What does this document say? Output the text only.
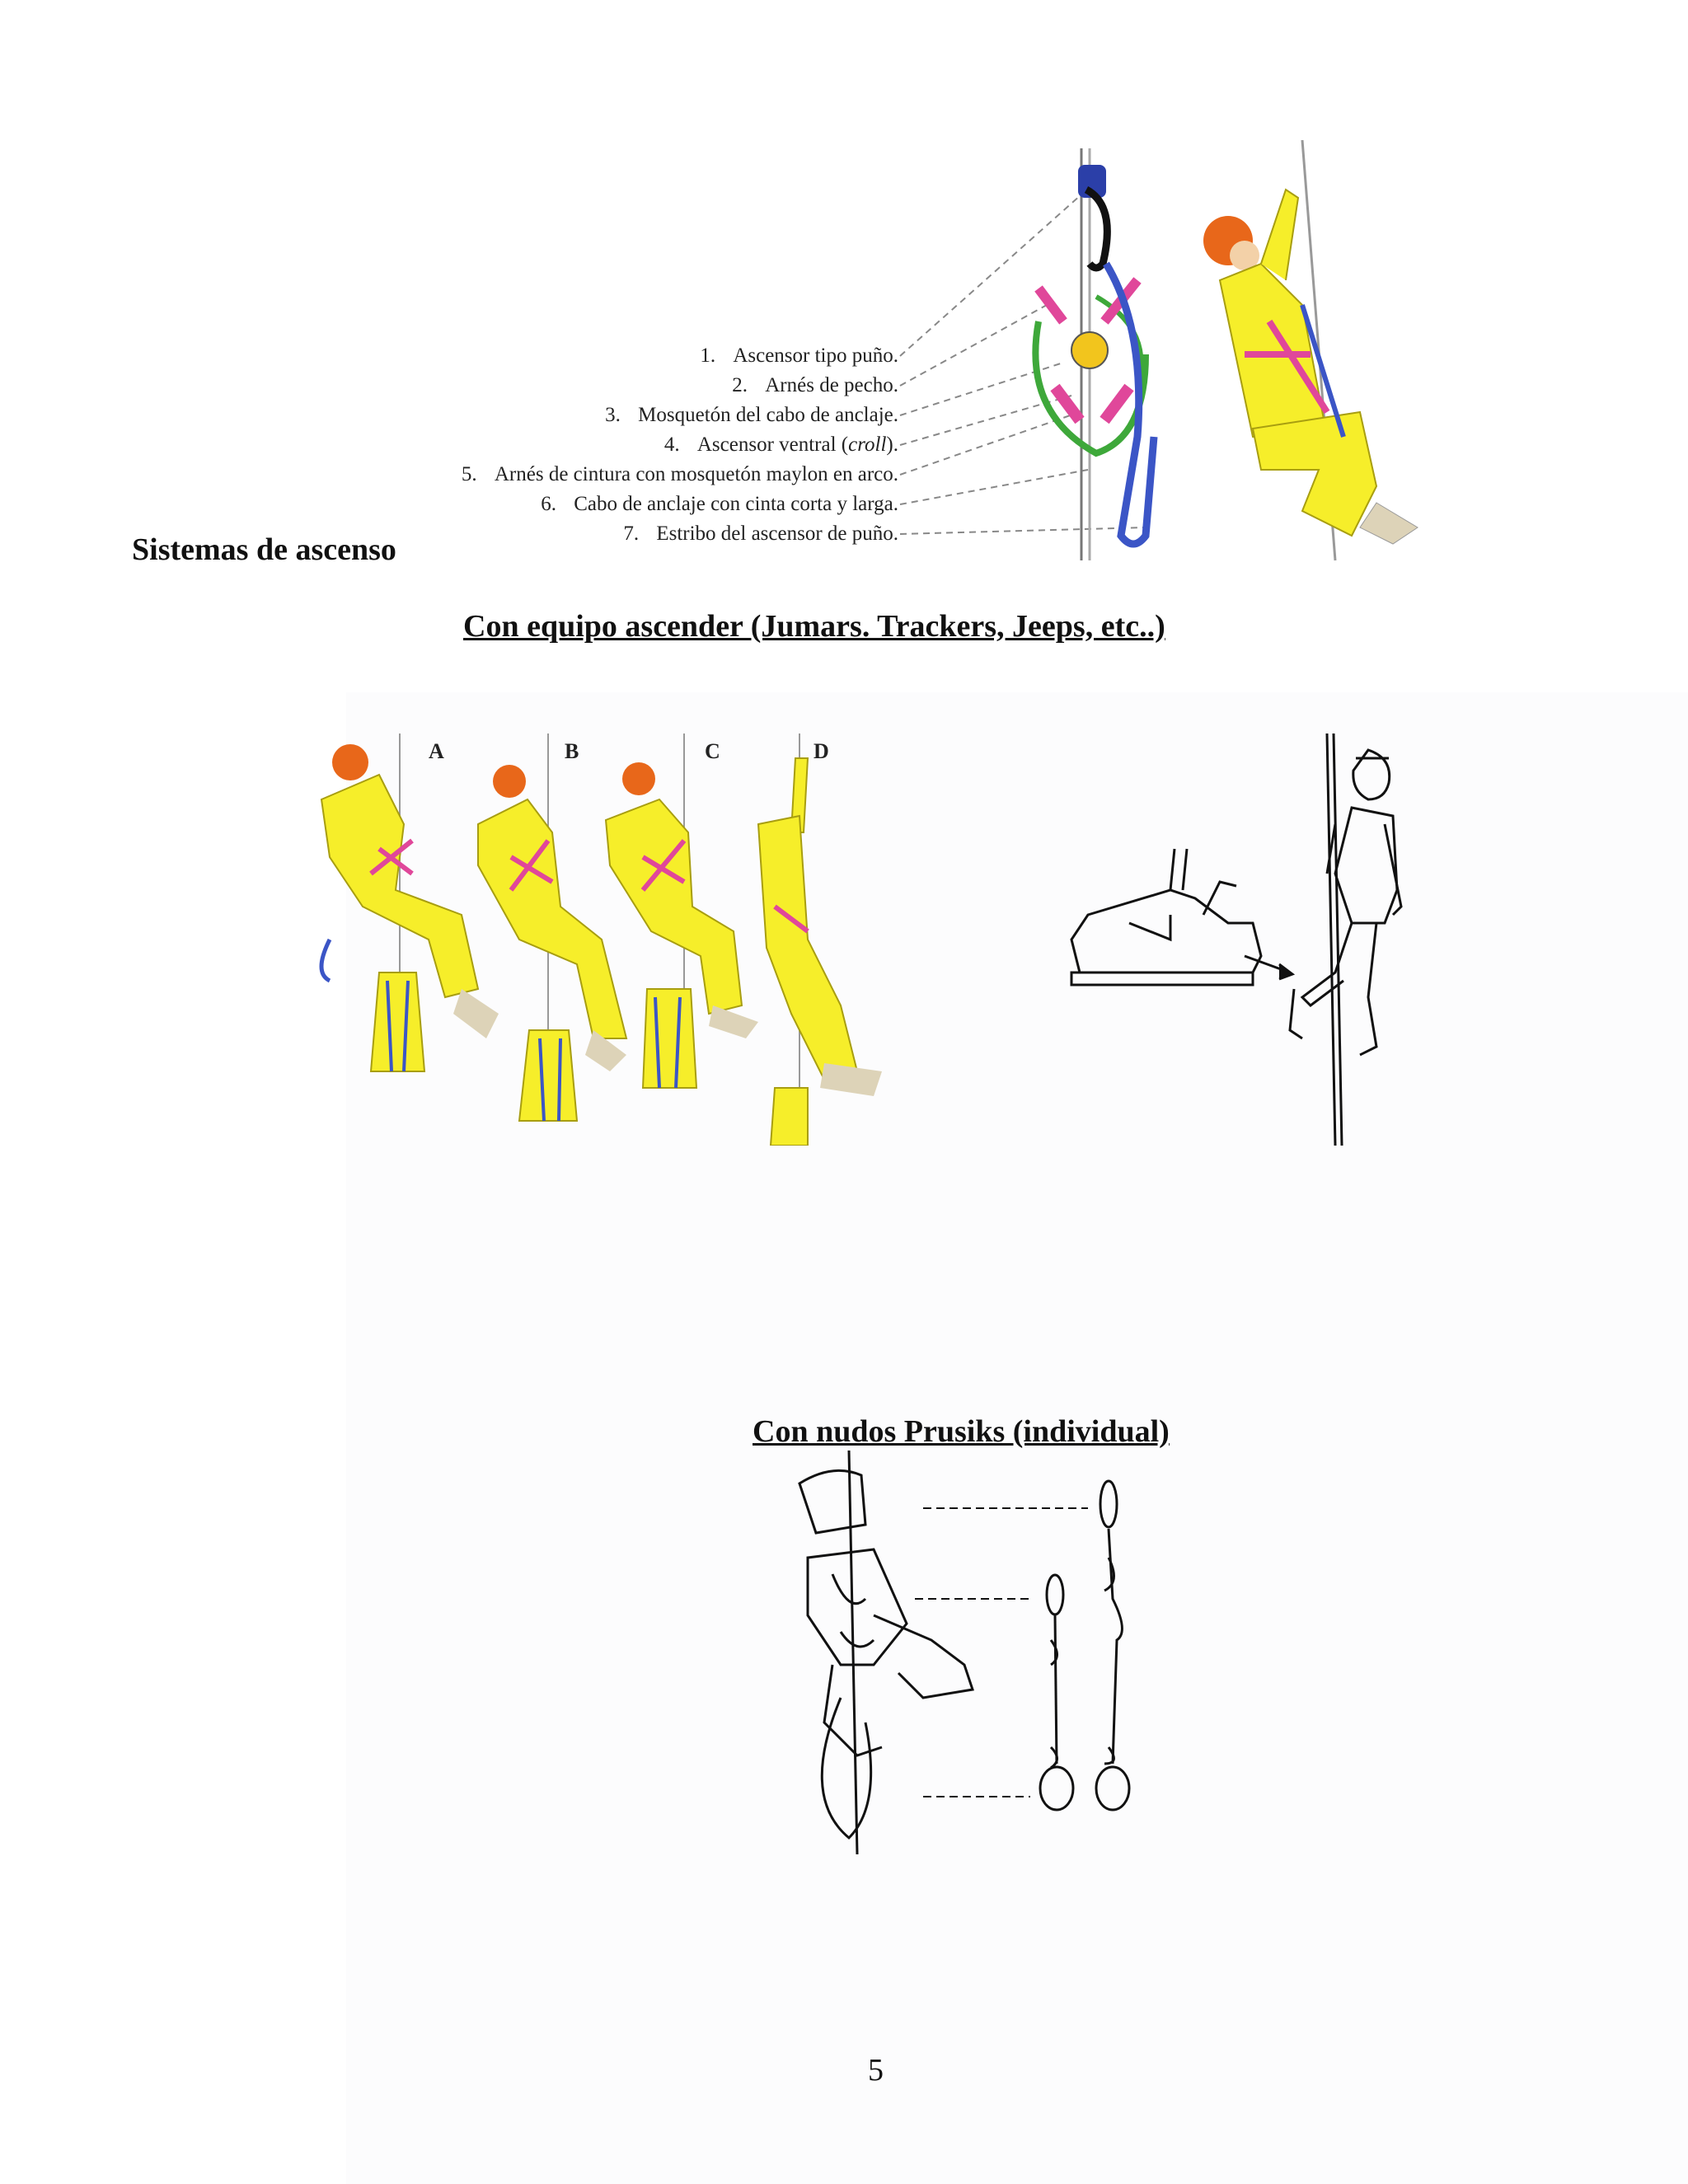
1. Ascensor tipo puño.
2. Arnés de pecho.
3. Mosquetón del cabo de anclaje.
4. Ascensor ventral (croll).
5. Arnés de cintura con mosquetón maylon en arco.
6. Cabo de anclaje con cinta corta y larga.
7. Estribo del ascensor de puño.
Sistemas de ascenso
Con equipo ascender (Jumars. Trackers, Jeeps, etc..)
A	B	C	D
Con nudos Prusiks (individual)
5
